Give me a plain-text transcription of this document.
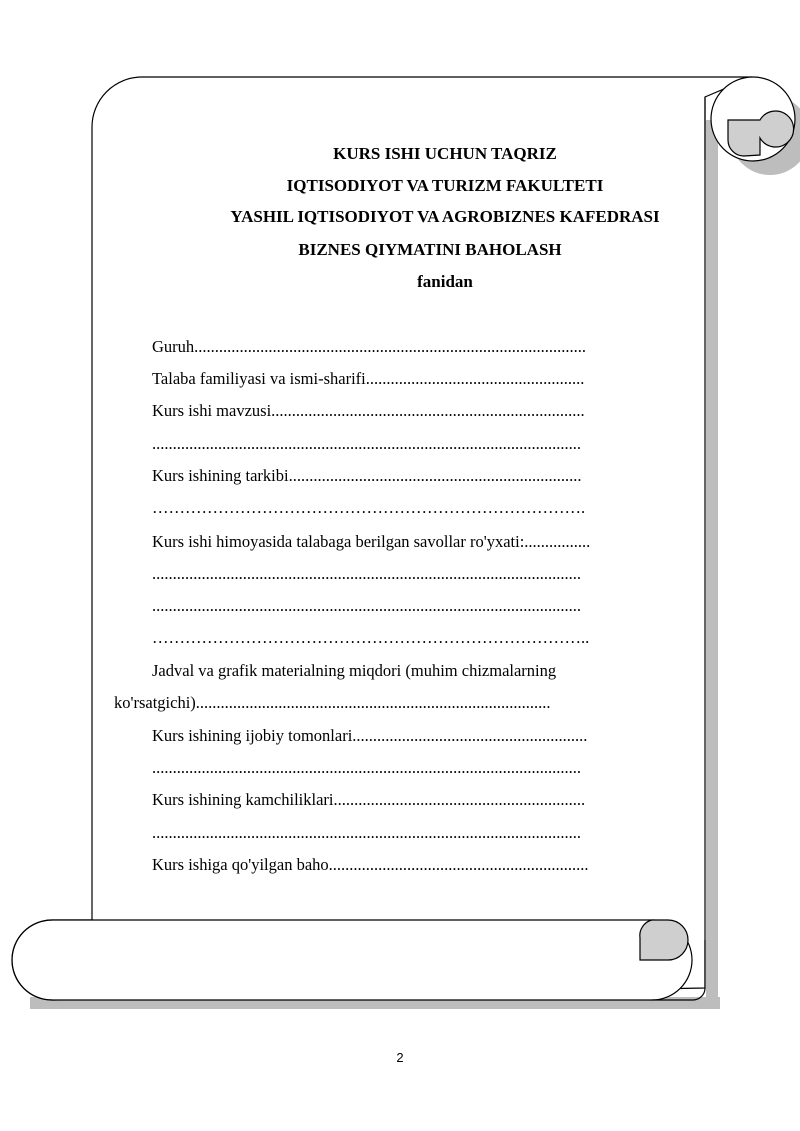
KURS ISHI UCHUN TAQRIZ
IQTISODIYOT VA TURIZM FAKULTETI
YASHIL IQTISODIYOT VA AGROBIZNES KAFEDRASI
BIZNES QIYMATINI BAHOLASH
fanidan
Guruh...............................................................................................
Talaba familiyasi va ismi-sharifi.....................................................
Kurs ishi mavzusi............................................................................
........................................................................................................
Kurs ishining tarkibi.......................................................................
…………………………………………………………………….
Kurs ishi himoyasida talabaga berilgan savollar ro'yxati:................
........................................................................................................
........................................................................................................
……………………………………………………………………..
Jadval va grafik materialning miqdori (muhim chizmalarning
ko'rsatgichi)......................................................................................
Kurs ishining ijobiy tomonlari.........................................................
........................................................................................................
Kurs ishining kamchiliklari.............................................................
........................................................................................................
Kurs ishiga qo'yilgan baho...............................................................
2
